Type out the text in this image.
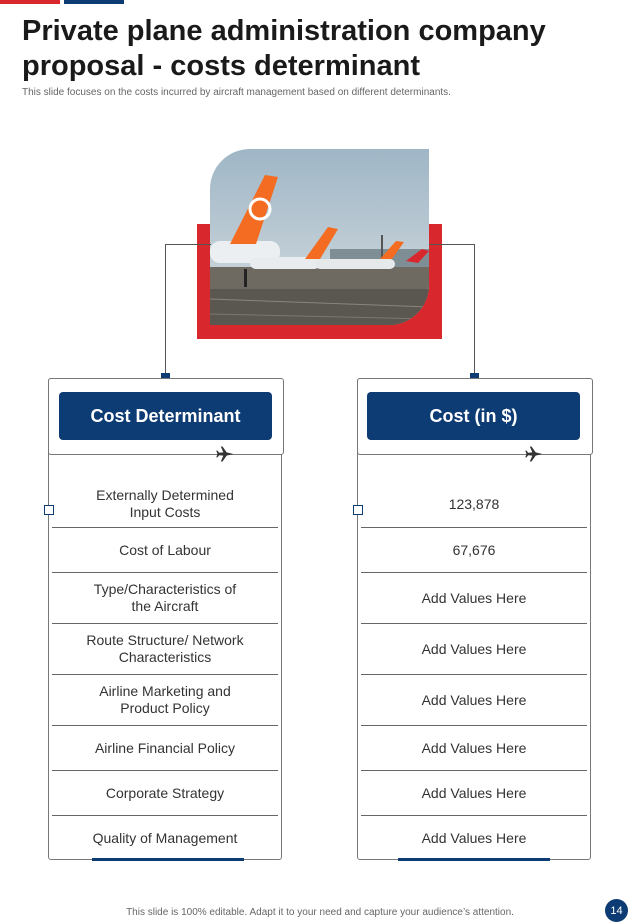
Private plane administration company proposal - costs determinant
This slide focuses on the costs incurred by aircraft management based on different determinants.
Cost Determinant	Cost (in $)
Externally Determined Input Costs
Cost of Labour
Type/Characteristics of the Aircraft
Route Structure/ Network Characteristics
Airline Marketing and Product Policy
Airline Financial Policy
Corporate Strategy
Quality of Management
123,878
67,676
Add Values Here
Add Values Here
Add Values Here
Add Values Here
Add Values Here
Add Values Here
This slide is 100% editable. Adapt it to your need and capture your audience’s attention.	14
